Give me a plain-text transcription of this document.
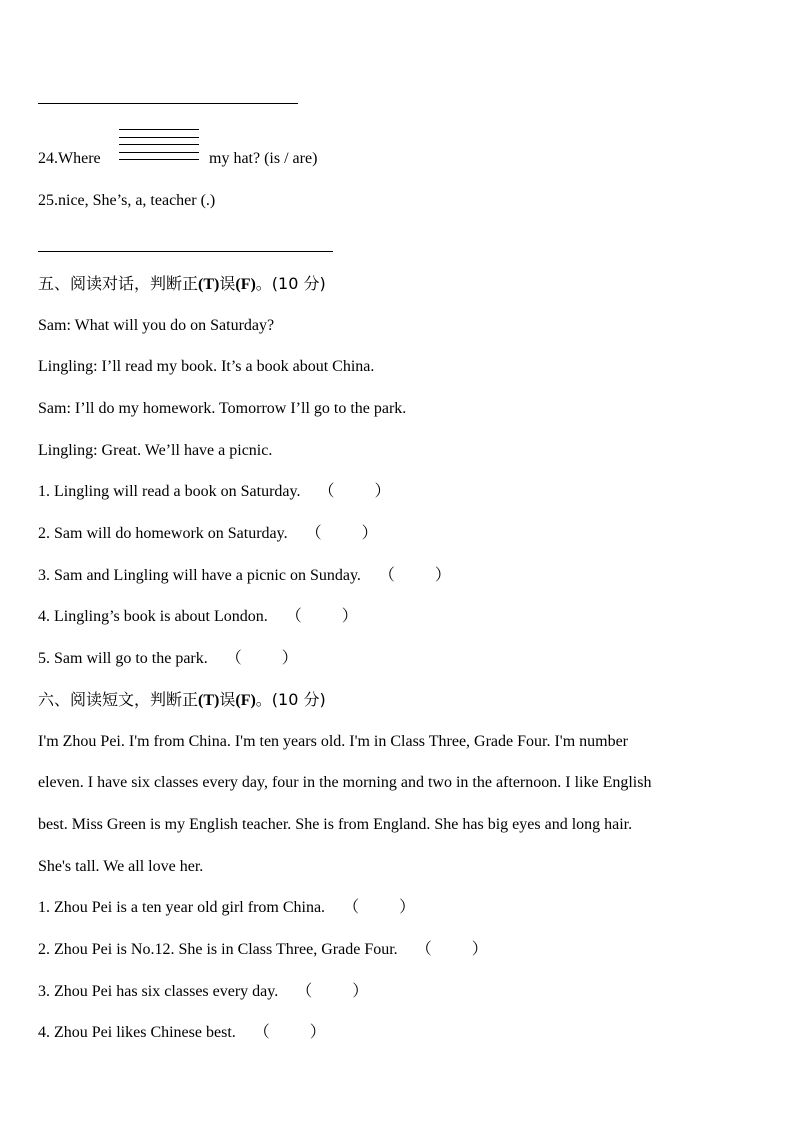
24.Where	my hat? (is / are)
25.nice, She’s, a, teacher (.)
五、阅读对话，判断正(T)误(F)。(10 分)
Sam: What will you do on Saturday?
Lingling: I’ll read my book. It’s a book about China.
Sam: I’ll do my homework. Tomorrow I’ll go to the park.
Lingling: Great. We’ll have a picnic.
1. Lingling will read a book on Saturday. （	）
2. Sam will do homework on Saturday. （	）
3. Sam and Lingling will have a picnic on Sunday. （	）
4. Lingling’s book is about London. （	）
5. Sam will go to the park. （	）
六、阅读短文，判断正(T)误(F)。(10 分)
I'm Zhou Pei. I'm from China. I'm ten years old. I'm in Class Three, Grade Four. I'm number
eleven. I have six classes every day, four in the morning and two in the afternoon. I like English
best. Miss Green is my English teacher. She is from England. She has big eyes and long hair.
She's tall. We all love her.
1. Zhou Pei is a ten year old girl from China. （	）
2. Zhou Pei is No.12. She is in Class Three, Grade Four. （	）
3. Zhou Pei has six classes every day. （	）
4. Zhou Pei likes Chinese best. （	）
